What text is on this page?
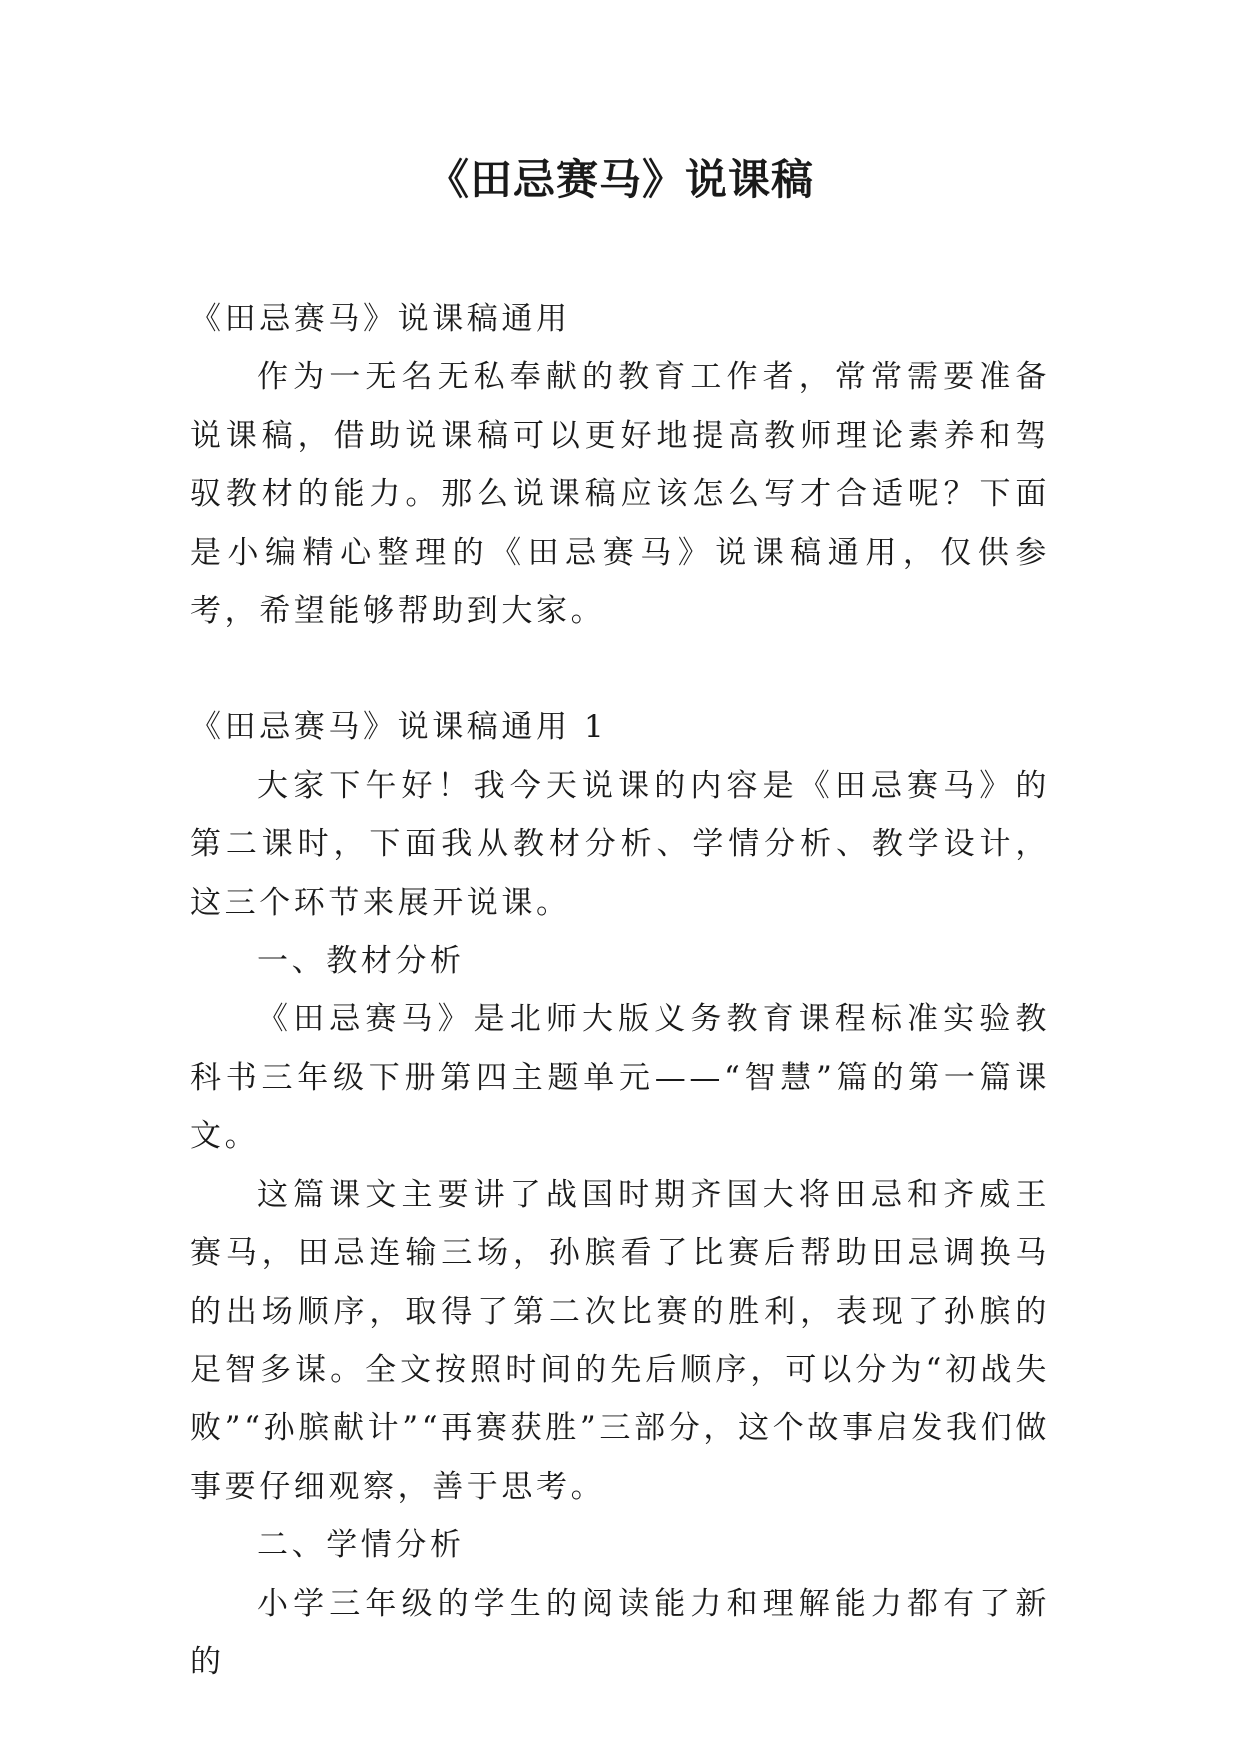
《田忌赛马》说课稿

《田忌赛马》说课稿通用

作为一无名无私奉献的教育工作者，常常需要准备说课稿，借助说课稿可以更好地提高教师理论素养和驾驭教材的能力。那么说课稿应该怎么写才合适呢？下面是小编精心整理的《田忌赛马》说课稿通用，仅供参考，希望能够帮助到大家。

《田忌赛马》说课稿通用 1

大家下午好！我今天说课的内容是《田忌赛马》的第二课时，下面我从教材分析、学情分析、教学设计，这三个环节来展开说课。

一、教材分析

《田忌赛马》是北师大版义务教育课程标准实验教科书三年级下册第四主题单元——“智慧”篇的第一篇课文。

这篇课文主要讲了战国时期齐国大将田忌和齐威王赛马，田忌连输三场，孙膑看了比赛后帮助田忌调换马的出场顺序，取得了第二次比赛的胜利，表现了孙膑的足智多谋。全文按照时间的先后顺序，可以分为“初战失败”“孙膑献计”“再赛获胜”三部分，这个故事启发我们做事要仔细观察，善于思考。

二、学情分析

小学三年级的学生的阅读能力和理解能力都有了新的
